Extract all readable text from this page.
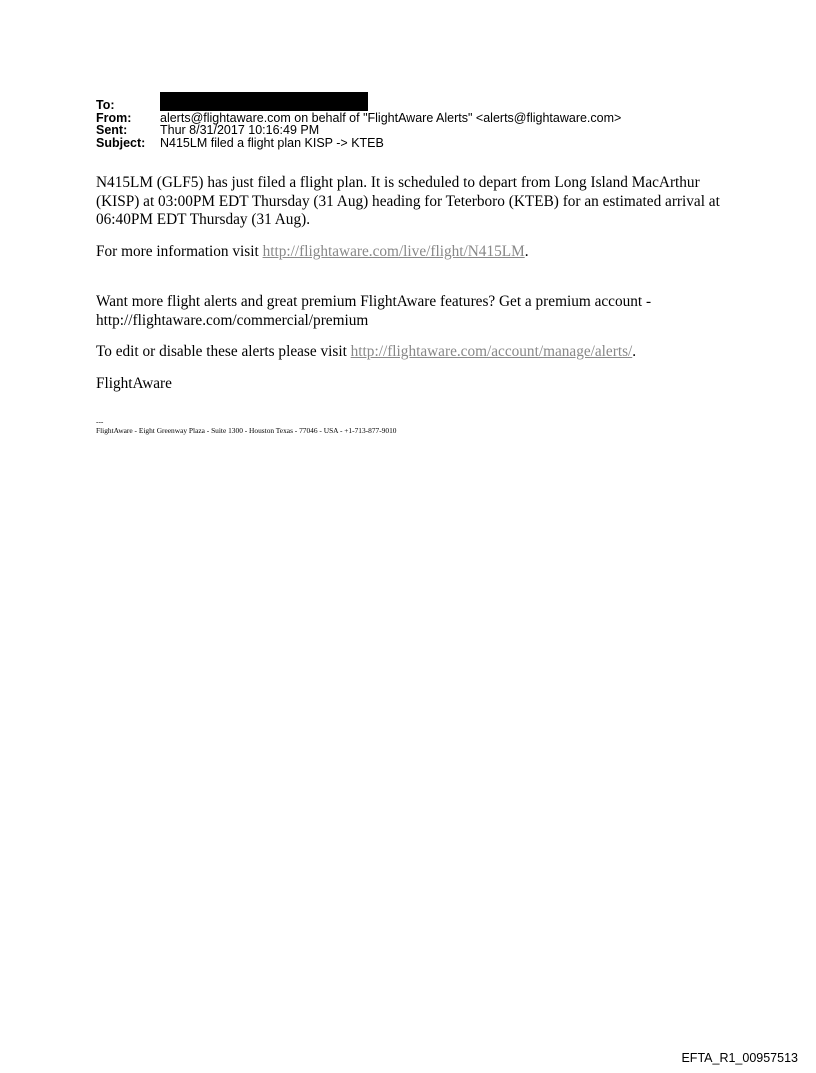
To:
From:	alerts@flightaware.com on behalf of "FlightAware Alerts" <alerts@flightaware.com>
Sent:	Thur 8/31/2017 10:16:49 PM
Subject:	N415LM filed a flight plan KISP -> KTEB

N415LM (GLF5) has just filed a flight plan. It is scheduled to depart from Long Island MacArthur (KISP) at 03:00PM EDT Thursday (31 Aug) heading for Teterboro (KTEB) for an estimated arrival at 06:40PM EDT Thursday (31 Aug).

For more information visit http://flightaware.com/live/flight/N415LM.

Want more flight alerts and great premium FlightAware features? Get a premium account -
http://flightaware.com/commercial/premium

To edit or disable these alerts please visit http://flightaware.com/account/manage/alerts/.

FlightAware

---
FlightAware - Eight Greenway Plaza - Suite 1300 - Houston Texas - 77046 - USA - +1-713-877-9010
EFTA_R1_00957513
